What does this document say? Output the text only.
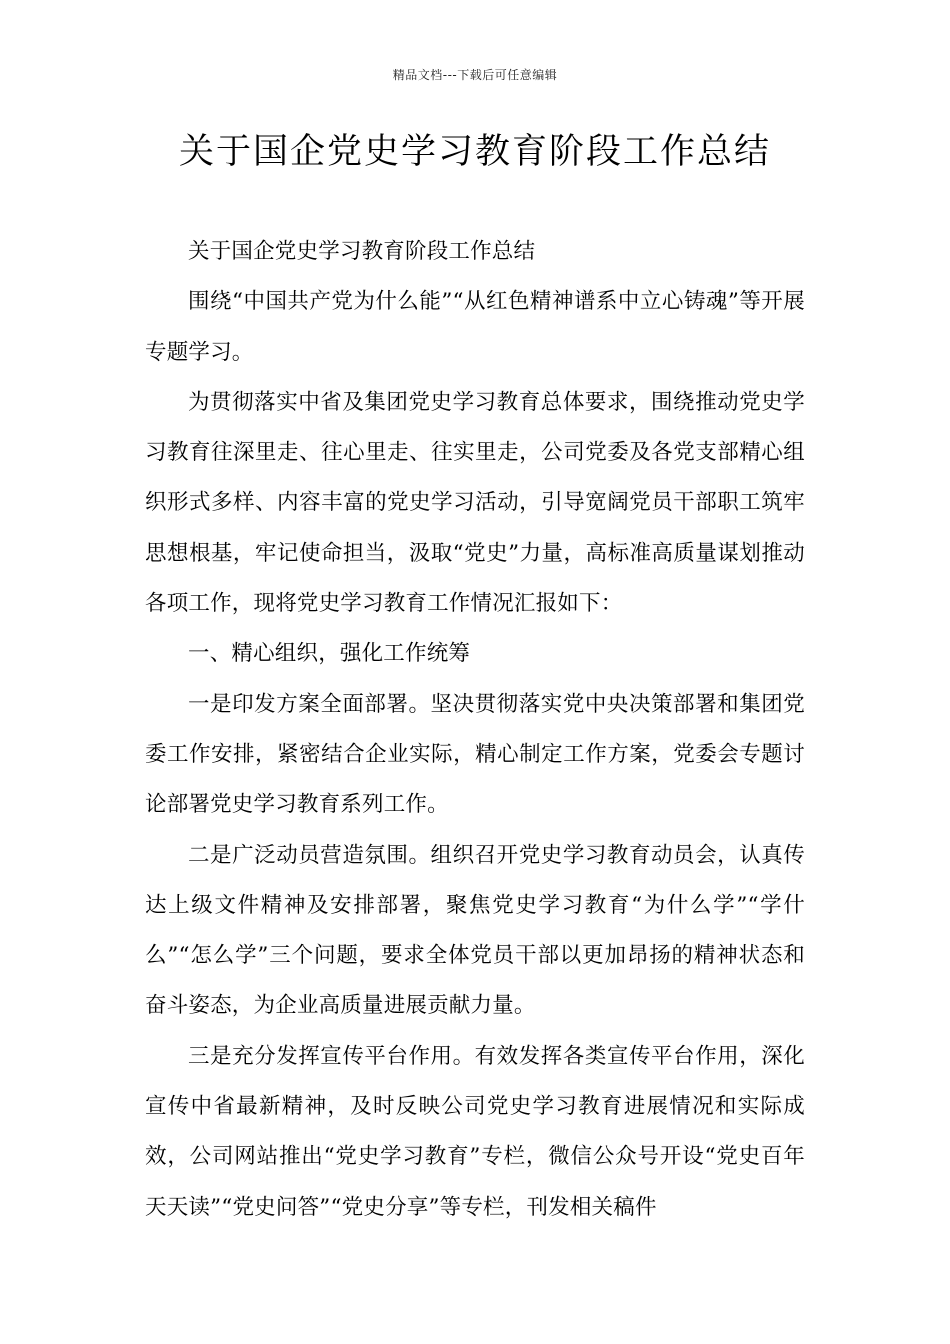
精品文档---下载后可任意编辑
关于国企党史学习教育阶段工作总结

关于国企党史学习教育阶段工作总结

围绕“中国共产党为什么能”“从红色精神谱系中立心铸魂”等开展专题学习。

为贯彻落实中省及集团党史学习教育总体要求，围绕推动党史学习教育往深里走、往心里走、往实里走，公司党委及各党支部精心组织形式多样、内容丰富的党史学习活动，引导宽阔党员干部职工筑牢思想根基，牢记使命担当，汲取“党史”力量，高标准高质量谋划推动各项工作，现将党史学习教育工作情况汇报如下：

一、精心组织，强化工作统筹

一是印发方案全面部署。坚决贯彻落实党中央决策部署和集团党委工作安排，紧密结合企业实际，精心制定工作方案，党委会专题讨论部署党史学习教育系列工作。

二是广泛动员营造氛围。组织召开党史学习教育动员会，认真传达上级文件精神及安排部署，聚焦党史学习教育“为什么学”“学什么”“怎么学”三个问题，要求全体党员干部以更加昂扬的精神状态和奋斗姿态，为企业高质量进展贡献力量。

三是充分发挥宣传平台作用。有效发挥各类宣传平台作用，深化宣传中省最新精神，及时反映公司党史学习教育进展情况和实际成效，公司网站推出“党史学习教育”专栏，微信公众号开设“党史百年天天读”“党史问答”“党史分享”等专栏，刊发相关稿件
